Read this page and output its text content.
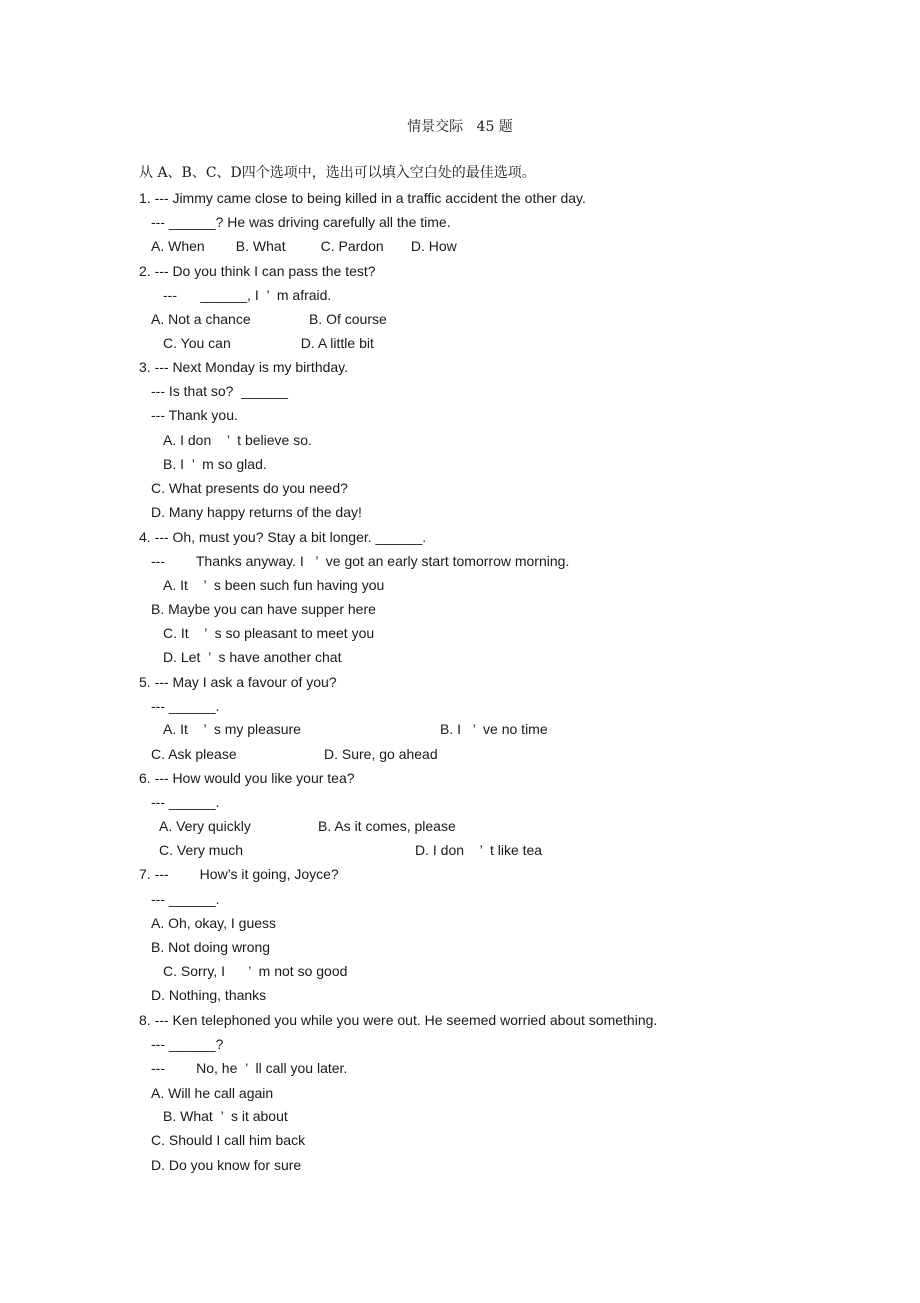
情景交际   45 题
从 A、B、C、D四个选项中，选出可以填入空白处的最佳选项。
1. --- Jimmy came close to being killed in a traffic accident the other day.
--- ______? He was driving carefully all the time.
A. When        B. What         C. Pardon       D. How
2. --- Do you think I can pass the test?
---      ______, I  ’  m afraid.
A. Not a chance               B. Of course
C. You can                  D. A little bit
3. --- Next Monday is my birthday.
--- Is that so?  ______
--- Thank you.
A. I don    ’  t believe so.
B. I  ’  m so glad.
C. What presents do you need?
D. Many happy returns of the day!
4. --- Oh, must you? Stay a bit longer. ______.
---        Thanks anyway. I   ’  ve got an early start tomorrow morning.
A. It    ’  s been such fun having you
B. Maybe you can have supper here
C. It    ’  s so pleasant to meet you
D. Let  ’  s have another chat
5. --- May I ask a favour of you?
--- ______.
A. It    ’  s my pleasure	B. I   ’  ve no time
C. Ask please	D. Sure, go ahead
6. --- How would you like your tea?
--- ______.
A. Very quickly	B. As it comes, please
C. Very much	D. I don    ’  t like tea
7. ---        How’s it going, Joyce?
--- ______.
A. Oh, okay, I guess
B. Not doing wrong
C. Sorry, I      ’  m not so good
D. Nothing, thanks
8. --- Ken telephoned you while you were out. He seemed worried about something.
--- ______?
---        No, he  ’  ll call you later.
A. Will he call again
B. What  ’  s it about
C. Should I call him back
D. Do you know for sure
